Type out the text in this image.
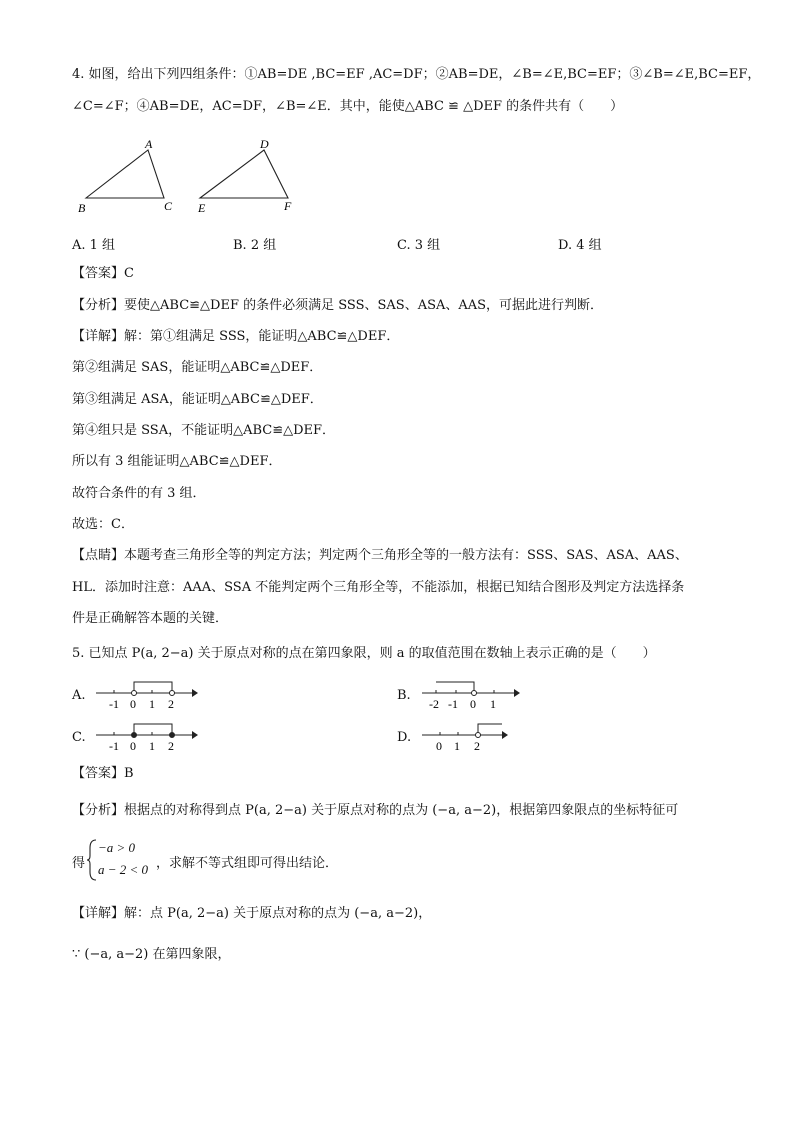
4. 如图，给出下列四组条件：①AB=DE ,BC=EF ,AC=DF；②AB=DE，∠B=∠E,BC=EF；③∠B=∠E,BC=EF，
∠C=∠F；④AB=DE，AC=DF，∠B=∠E．其中，能使△ABC ≌ △DEF 的条件共有（　　）
A
B	C
D
E	F
A. 1 组	B. 2 组	C. 3 组	D. 4 组
【答案】C
【分析】要使△ABC≌△DEF 的条件必须满足 SSS、SAS、ASA、AAS，可据此进行判断．
【详解】解：第①组满足 SSS，能证明△ABC≌△DEF．
第②组满足 SAS，能证明△ABC≌△DEF．
第③组满足 ASA，能证明△ABC≌△DEF．
第④组只是 SSA，不能证明△ABC≌△DEF．
所以有 3 组能证明△ABC≌△DEF．
故符合条件的有 3 组．
故选：C．
【点睛】本题考查三角形全等的判定方法；判定两个三角形全等的一般方法有：SSS、SAS、ASA、AAS、
HL．添加时注意：AAA、SSA 不能判定两个三角形全等，不能添加，根据已知结合图形及判定方法选择条
件是正确解答本题的关键．
5. 已知点 P(a, 2−a) 关于原点对称的点在第四象限，则 a 的取值范围在数轴上表示正确的是（　　）
A.
-1 0 1 2
B.
-2 -1 0 1
C.
-1 0 1 2
D.
0 1 2
【答案】B
【分析】根据点的对称得到点 P(a, 2−a) 关于原点对称的点为 (−a, a−2)，根据第四象限点的坐标特征可
得
−a > 0
a − 2 < 0 ，求解不等式组即可得出结论．
【详解】解：点 P(a, 2−a) 关于原点对称的点为 (−a, a−2)，
∵ (−a, a−2) 在第四象限，
